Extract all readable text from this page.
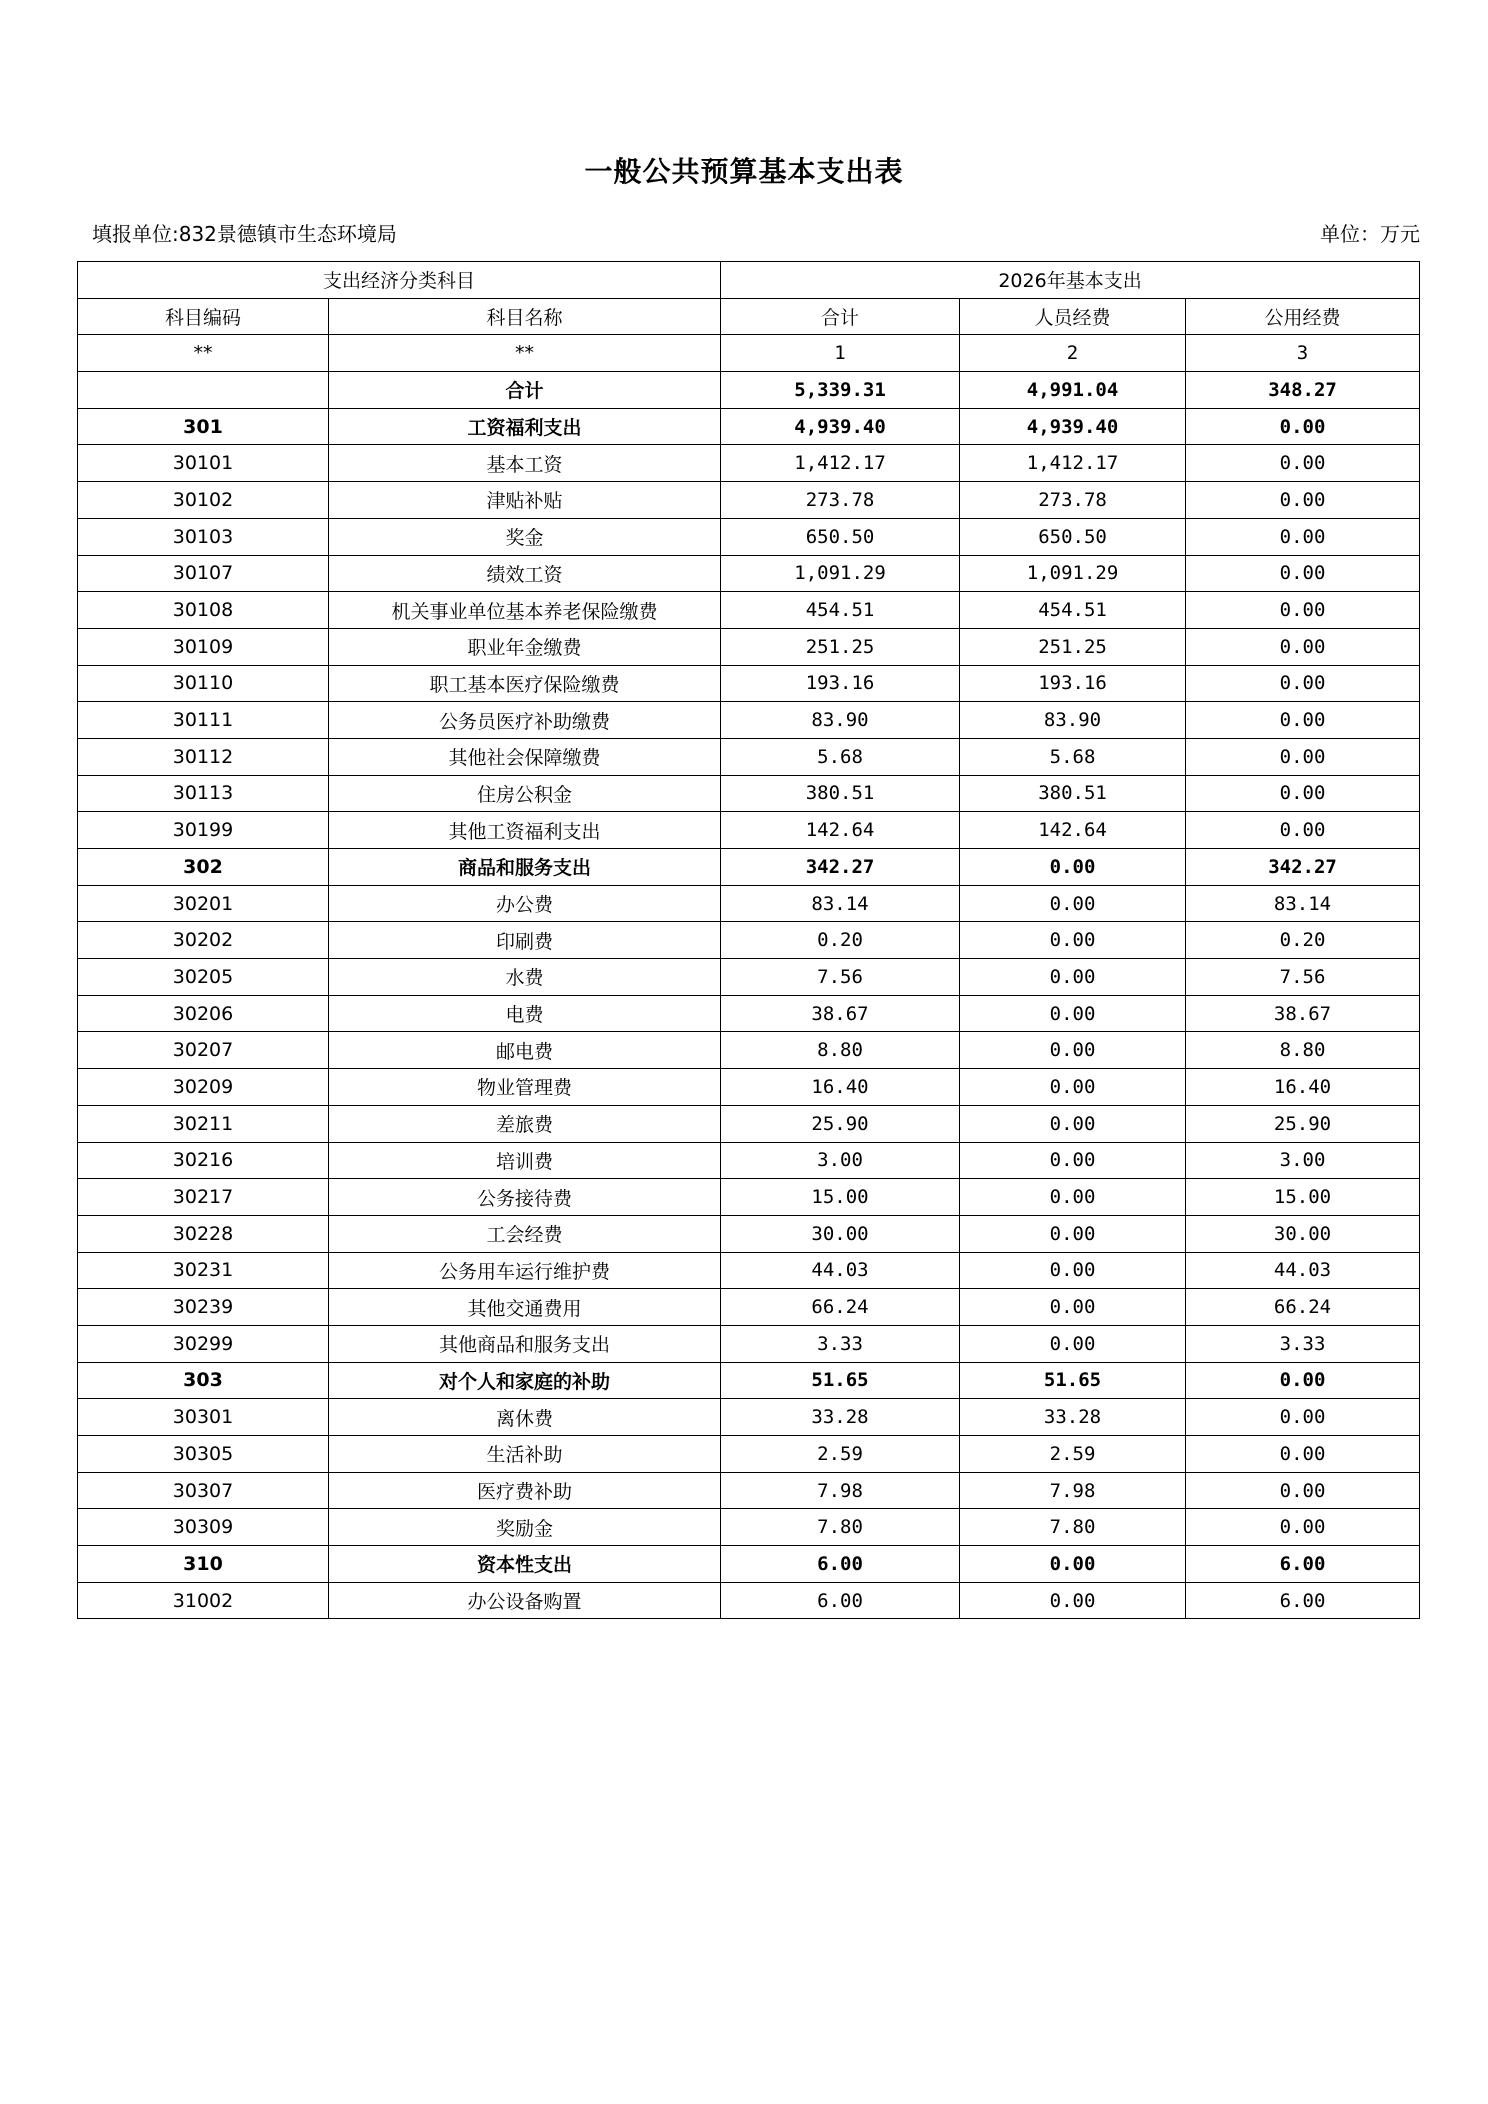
一般公共预算基本支出表
填报单位:832景德镇市生态环境局	单位：万元
支出经济分类科目		2026年基本支出		
科目编码	科目名称	合计	人员经费	公用经费
**	**	1	2	3
	合计	5,339.31	4,991.04	348.27
301	工资福利支出	4,939.40	4,939.40	0.00
30101	基本工资	1,412.17	1,412.17	0.00
30102	津贴补贴	273.78	273.78	0.00
30103	奖金	650.50	650.50	0.00
30107	绩效工资	1,091.29	1,091.29	0.00
30108	机关事业单位基本养老保险缴费	454.51	454.51	0.00
30109	职业年金缴费	251.25	251.25	0.00
30110	职工基本医疗保险缴费	193.16	193.16	0.00
30111	公务员医疗补助缴费	83.90	83.90	0.00
30112	其他社会保障缴费	5.68	5.68	0.00
30113	住房公积金	380.51	380.51	0.00
30199	其他工资福利支出	142.64	142.64	0.00
302	商品和服务支出	342.27	0.00	342.27
30201	办公费	83.14	0.00	83.14
30202	印刷费	0.20	0.00	0.20
30205	水费	7.56	0.00	7.56
30206	电费	38.67	0.00	38.67
30207	邮电费	8.80	0.00	8.80
30209	物业管理费	16.40	0.00	16.40
30211	差旅费	25.90	0.00	25.90
30216	培训费	3.00	0.00	3.00
30217	公务接待费	15.00	0.00	15.00
30228	工会经费	30.00	0.00	30.00
30231	公务用车运行维护费	44.03	0.00	44.03
30239	其他交通费用	66.24	0.00	66.24
30299	其他商品和服务支出	3.33	0.00	3.33
303	对个人和家庭的补助	51.65	51.65	0.00
30301	离休费	33.28	33.28	0.00
30305	生活补助	2.59	2.59	0.00
30307	医疗费补助	7.98	7.98	0.00
30309	奖励金	7.80	7.80	0.00
310	资本性支出	6.00	0.00	6.00
31002	办公设备购置	6.00	0.00	6.00
